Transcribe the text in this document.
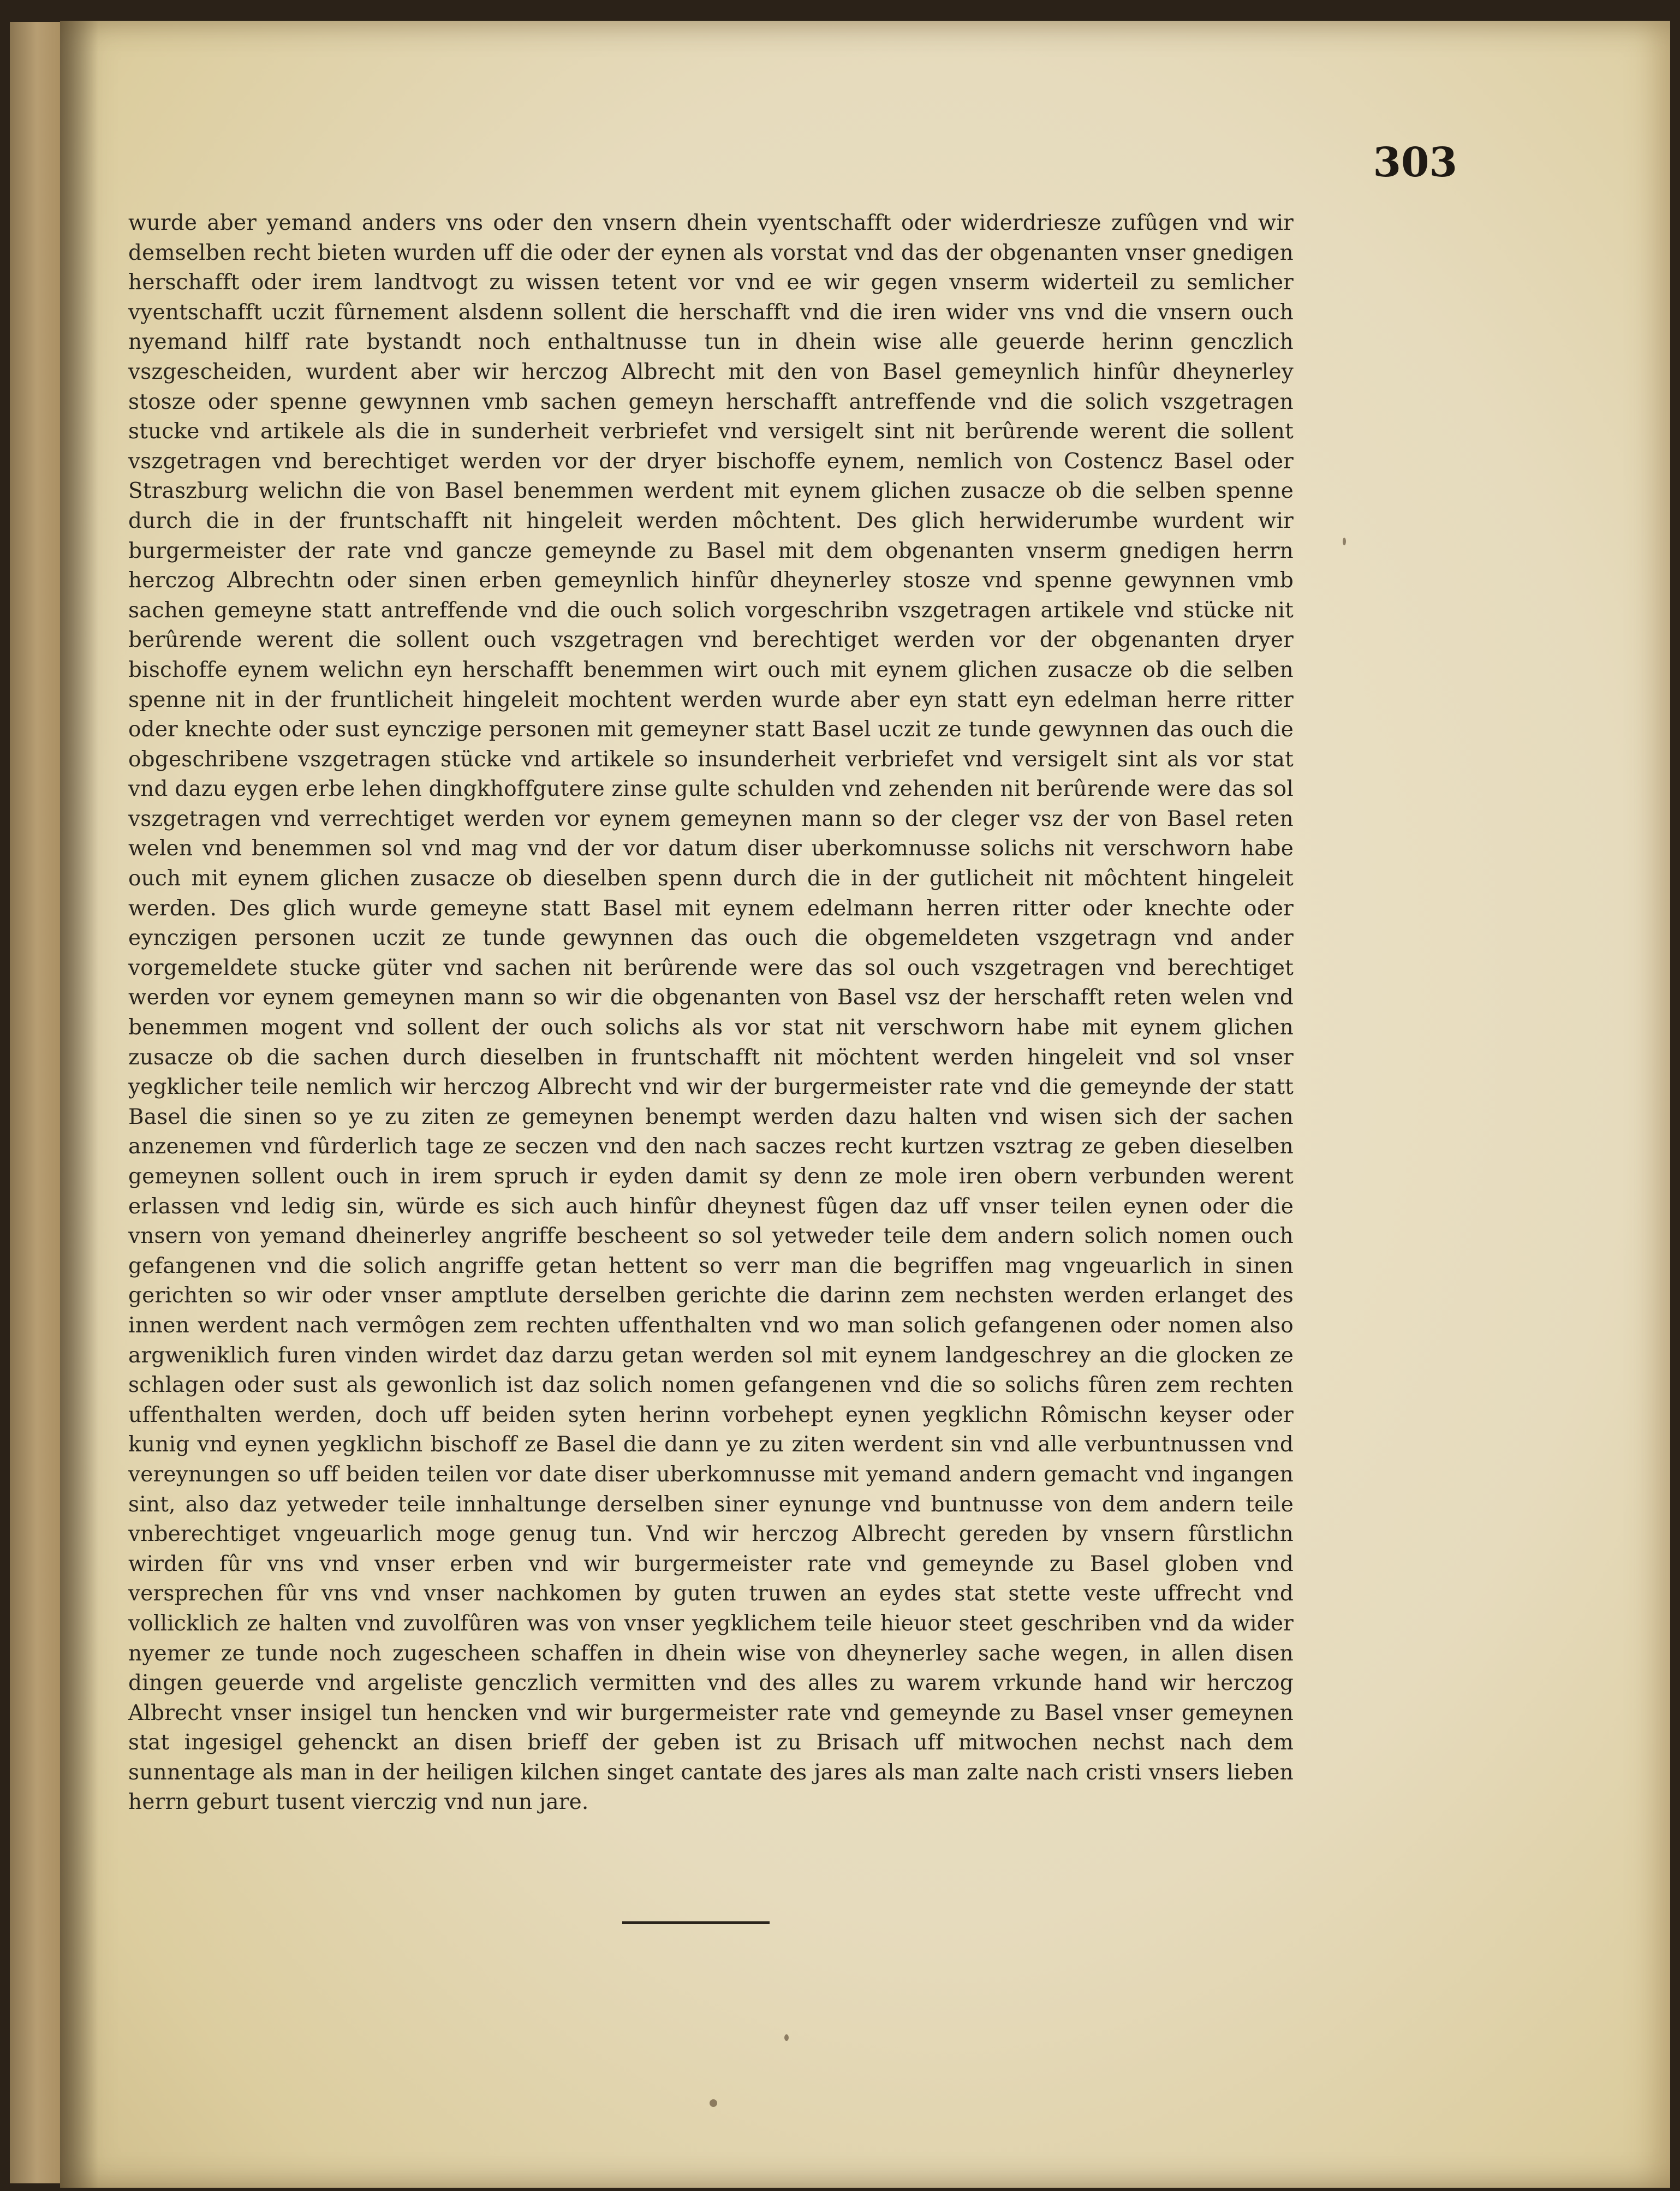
303

wurde aber yemand anders vns oder den vnsern dhein vyentschafft oder widerdriesze zufûgen vnd wir demselben recht bieten wurden uff die oder der eynen als vorstat vnd das der obgenanten vnser gnedigen herschafft oder irem landtvogt zu wissen tetent vor vnd ee wir gegen vnserm widerteil zu semlicher vyentschafft uczit fûrnement alsdenn sollent die herschafft vnd die iren wider vns vnd die vnsern ouch nyemand hilff rate bystandt noch enthaltnusse tun in dhein wise alle geuerde herinn genczlich vszgescheiden, wurdent aber wir herczog Albrecht mit den von Basel gemeynlich hinfûr dheynerley stosze oder spenne gewynnen vmb sachen gemeyn herschafft antreffende vnd die solich vszgetragen stucke vnd artikele als die in sunderheit verbriefet vnd versigelt sint nit berûrende werent die sollent vszgetragen vnd berechtiget werden vor der dryer bischoffe eynem, nemlich von Costencz Basel oder Straszburg welichn die von Basel benemmen werdent mit eynem glichen zusacze ob die selben spenne durch die in der fruntschafft nit hingeleit werden môchtent. Des glich herwiderumbe wurdent wir burgermeister der rate vnd gancze gemeynde zu Basel mit dem obgenanten vnserm gnedigen herrn herczog Albrechtn oder sinen erben gemeynlich hinfûr dheynerley stosze vnd spenne gewynnen vmb sachen gemeyne statt antreffende vnd die ouch solich vorgeschribn vszgetragen artikele vnd stücke nit berûrende werent die sollent ouch vszgetragen vnd berechtiget werden vor der obgenanten dryer bischoffe eynem welichn eyn herschafft benemmen wirt ouch mit eynem glichen zusacze ob die selben spenne nit in der fruntlicheit hingeleit mochtent werden wurde aber eyn statt eyn edelman herre ritter oder knechte oder sust eynczige personen mit gemeyner statt Basel uczit ze tunde gewynnen das ouch die obgeschribene vszgetragen stücke vnd artikele so insunderheit verbriefet vnd versigelt sint als vor stat vnd dazu eygen erbe lehen dingkhoffgutere zinse gulte schulden vnd zehenden nit berûrende were das sol vszgetragen vnd verrechtiget werden vor eynem gemeynen mann so der cleger vsz der von Basel reten welen vnd benemmen sol vnd mag vnd der vor datum diser uberkomnusse solichs nit verschworn habe ouch mit eynem glichen zusacze ob dieselben spenn durch die in der gutlicheit nit môchtent hingeleit werden. Des glich wurde gemeyne statt Basel mit eynem edelmann herren ritter oder knechte oder eynczigen personen uczit ze tunde gewynnen das ouch die obgemeldeten vszgetragn vnd ander vorgemeldete stucke güter vnd sachen nit berûrende were das sol ouch vszgetragen vnd berechtiget werden vor eynem gemeynen mann so wir die obgenanten von Basel vsz der herschafft reten welen vnd benemmen mogent vnd sollent der ouch solichs als vor stat nit verschworn habe mit eynem glichen zusacze ob die sachen durch dieselben in fruntschafft nit möchtent werden hingeleit vnd sol vnser yegklicher teile nemlich wir herczog Albrecht vnd wir der burgermeister rate vnd die gemeynde der statt Basel die sinen so ye zu ziten ze gemeynen benempt werden dazu halten vnd wisen sich der sachen anzenemen vnd fûrderlich tage ze seczen vnd den nach saczes recht kurtzen vsztrag ze geben dieselben gemeynen sollent ouch in irem spruch ir eyden damit sy denn ze mole iren obern verbunden werent erlassen vnd ledig sin, würde es sich auch hinfûr dheynest fûgen daz uff vnser teilen eynen oder die vnsern von yemand dheinerley angriffe bescheent so sol yetweder teile dem andern solich nomen ouch gefangenen vnd die solich angriffe getan hettent so verr man die begriffen mag vngeuarlich in sinen gerichten so wir oder vnser amptlute derselben gerichte die darinn zem nechsten werden erlanget des innen werdent nach vermôgen zem rechten uffenthalten vnd wo man solich gefangenen oder nomen also argweniklich furen vinden wirdet daz darzu getan werden sol mit eynem landgeschrey an die glocken ze schlagen oder sust als gewonlich ist daz solich nomen gefangenen vnd die so solichs fûren zem rechten uffenthalten werden, doch uff beiden syten herinn vorbehept eynen yegklichn Rômischn keyser oder kunig vnd eynen yegklichn bischoff ze Basel die dann ye zu ziten werdent sin vnd alle verbuntnussen vnd vereynungen so uff beiden teilen vor date diser uberkomnusse mit yemand andern gemacht vnd ingangen sint, also daz yetweder teile innhaltunge derselben siner eynunge vnd buntnusse von dem andern teile vnberechtiget vngeuarlich moge genug tun. Vnd wir herczog Albrecht gereden by vnsern fûrstlichn wirden fûr vns vnd vnser erben vnd wir burgermeister rate vnd gemeynde zu Basel globen vnd versprechen fûr vns vnd vnser nachkomen by guten truwen an eydes stat stette veste uffrecht vnd vollicklich ze halten vnd zuvolfûren was von vnser yegklichem teile hieuor steet geschriben vnd da wider nyemer ze tunde noch zugescheen schaffen in dhein wise von dheynerley sache wegen, in allen disen dingen geuerde vnd argeliste genczlich vermitten vnd des alles zu warem vrkunde hand wir herczog Albrecht vnser insigel tun hencken vnd wir burgermeister rate vnd gemeynde zu Basel vnser gemeynen stat ingesigel gehenckt an disen brieff der geben ist zu Brisach uff mitwochen nechst nach dem sunnentage als man in der heiligen kilchen singet cantate des jares als man zalte nach cristi vnsers lieben herrn geburt tusent vierczig vnd nun jare.
